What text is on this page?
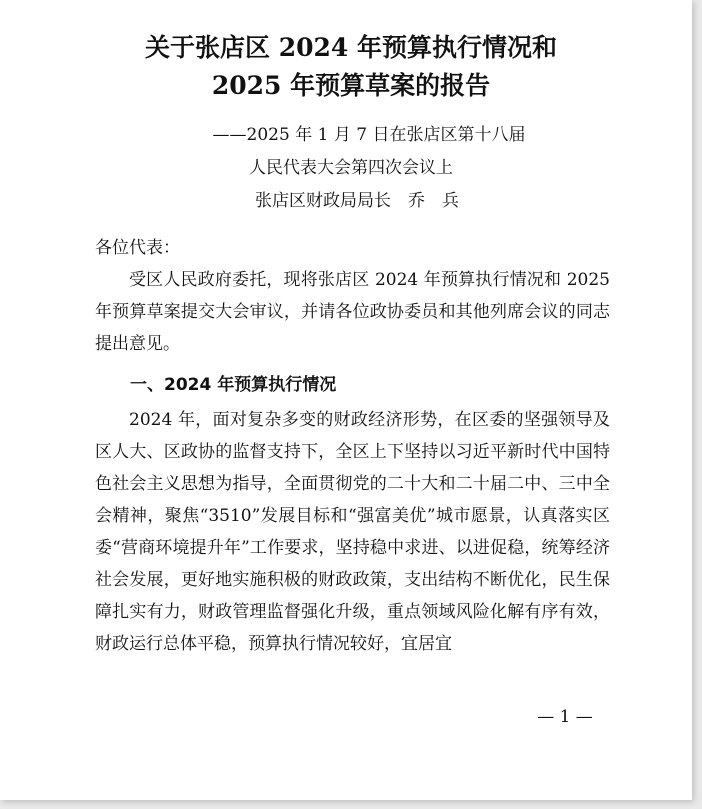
关于张店区 2024 年预算执行情况和
2025 年预算草案的报告
——2025 年 1 月 7 日在张店区第十八届
人民代表大会第四次会议上
张店区财政局局长　乔　兵
各位代表：
受区人民政府委托，现将张店区 2024 年预算执行情况和 2025 年预算草案提交大会审议，并请各位政协委员和其他列席会议的同志提出意见。
一、2024 年预算执行情况
2024 年，面对复杂多变的财政经济形势，在区委的坚强领导及区人大、区政协的监督支持下，全区上下坚持以习近平新时代中国特色社会主义思想为指导，全面贯彻党的二十大和二十届二中、三中全会精神，聚焦“3510”发展目标和“强富美优”城市愿景，认真落实区委“营商环境提升年”工作要求，坚持稳中求进、以进促稳，统筹经济社会发展，更好地实施积极的财政政策，支出结构不断优化，民生保障扎实有力，财政管理监督强化升级，重点领域风险化解有序有效，财政运行总体平稳，预算执行情况较好，宜居宜
— 1 —
